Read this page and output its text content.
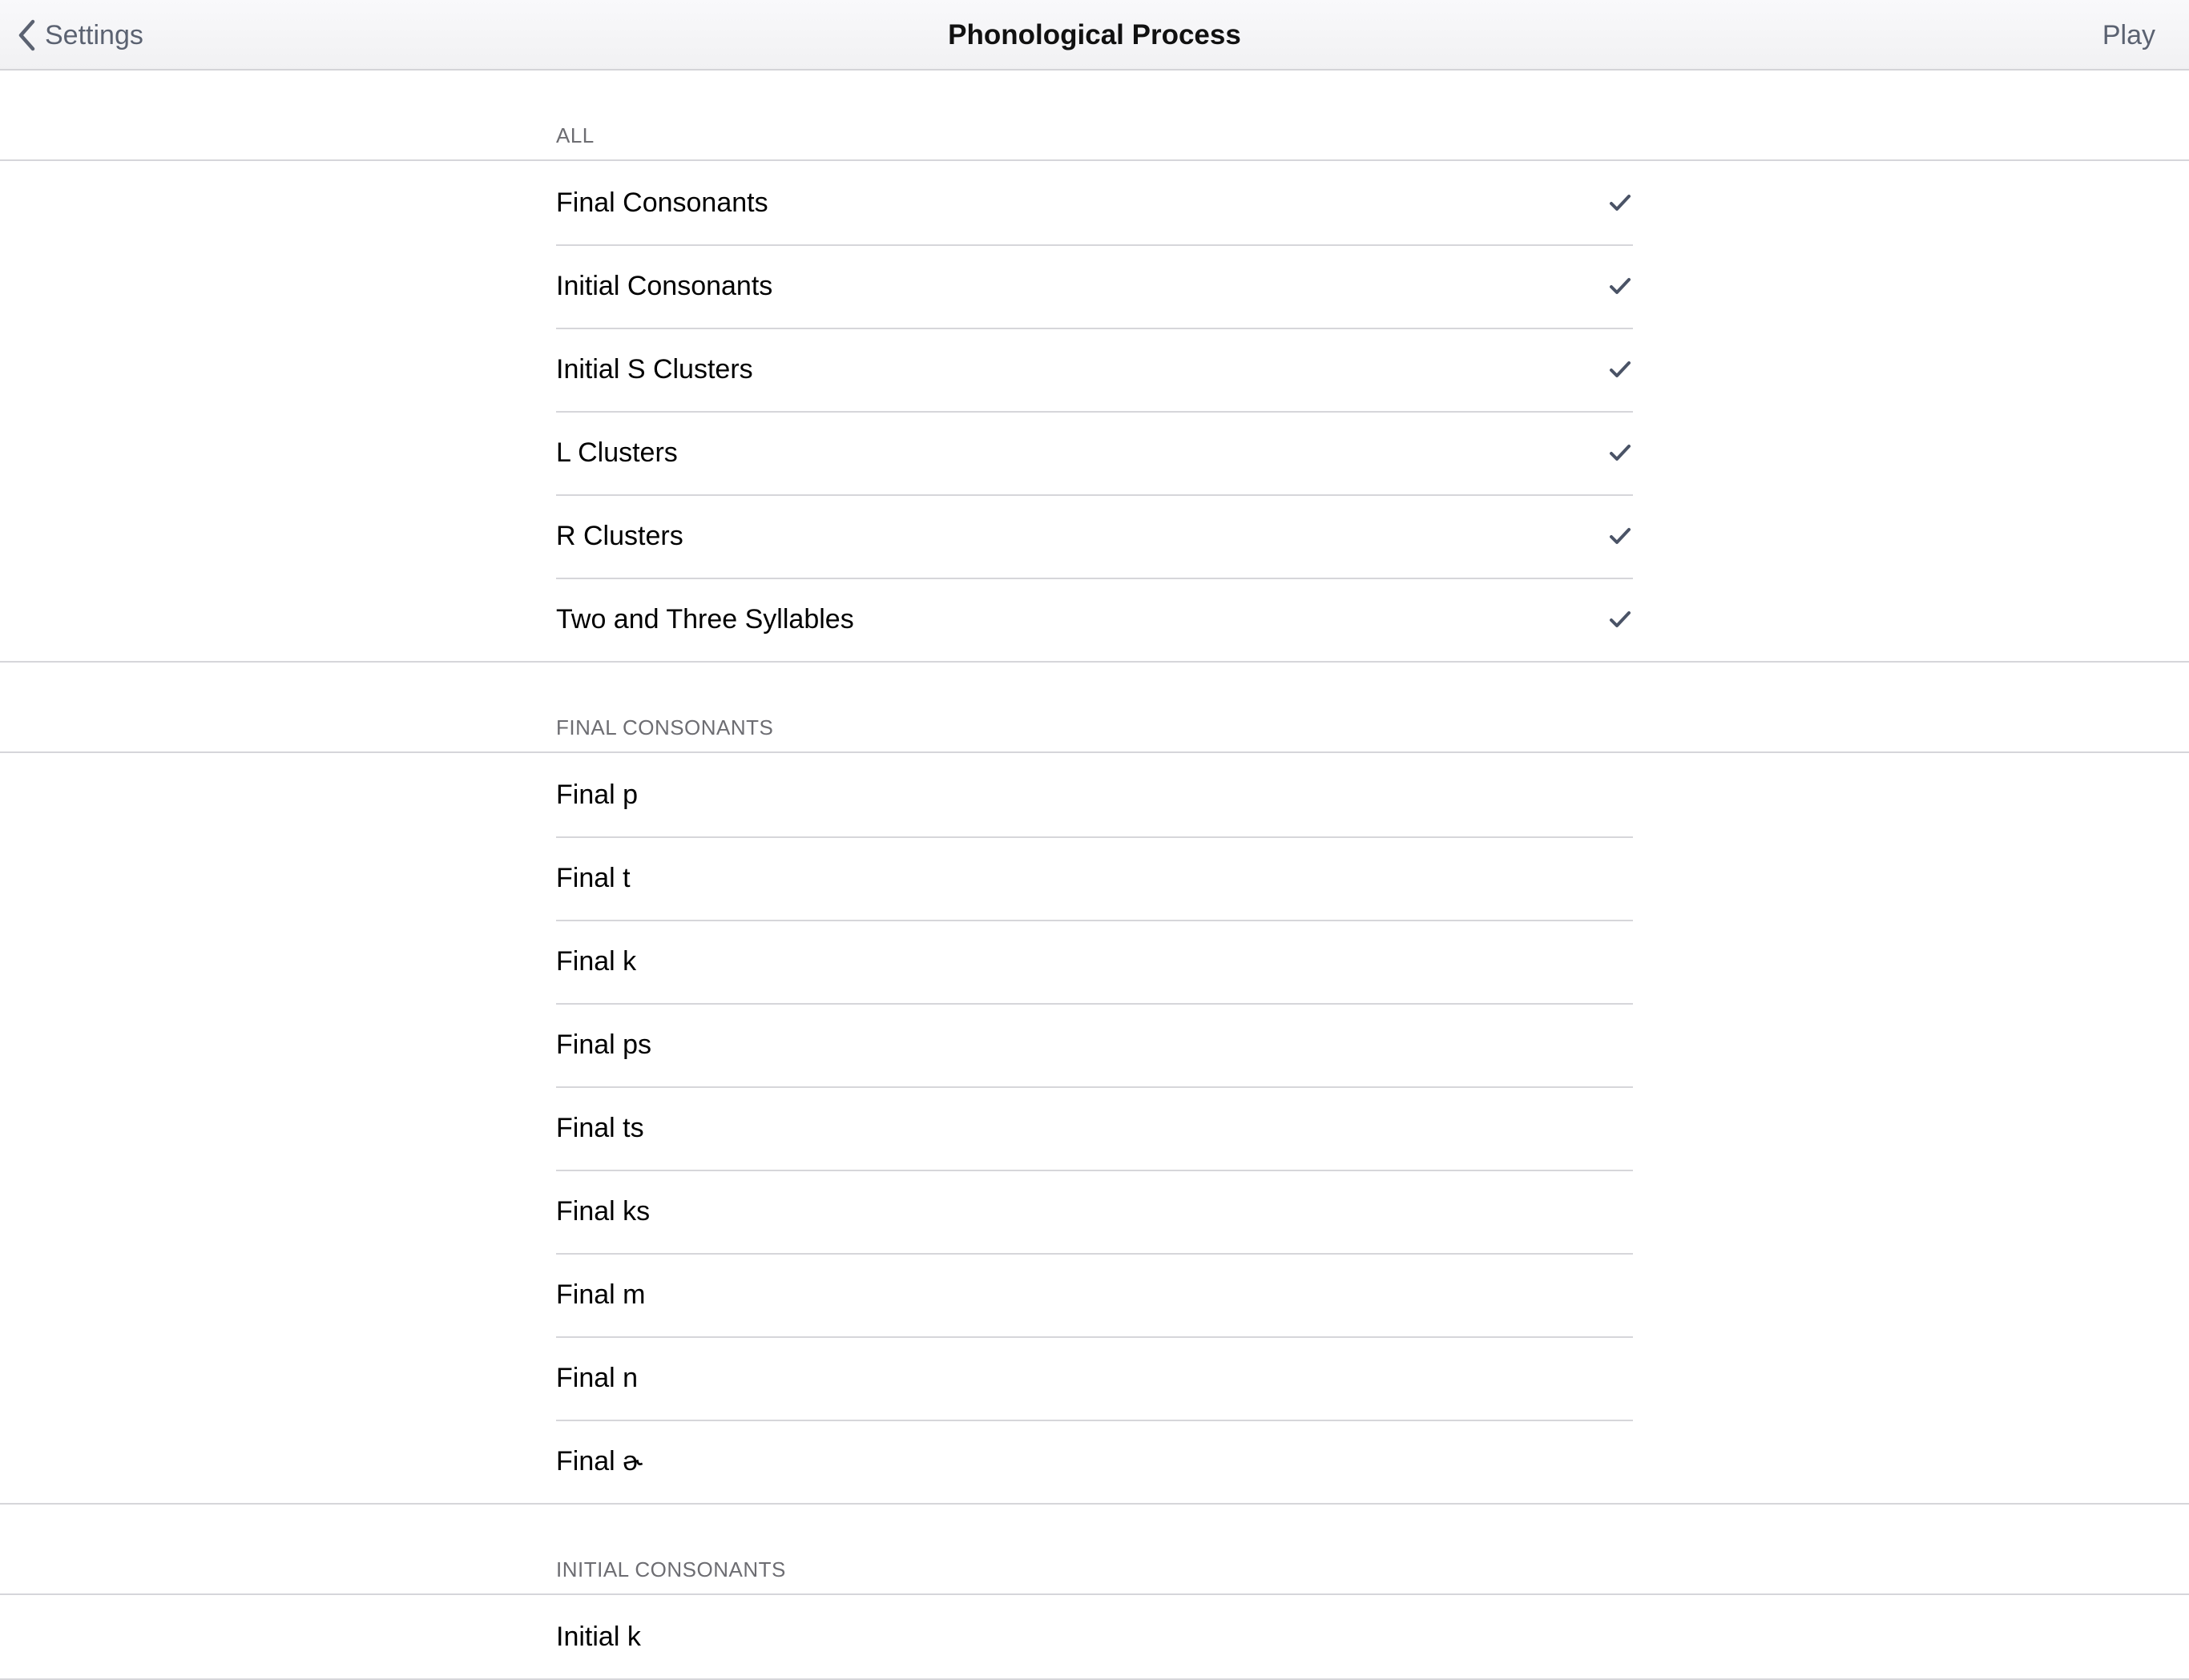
Settings	Phonological Process	Play
ALL
Final Consonants
Initial Consonants
Initial S Clusters
L Clusters
R Clusters
Two and Three Syllables
FINAL CONSONANTS
Final p
Final t
Final k
Final ps
Final ts
Final ks
Final m
Final n
Final ɚ
INITIAL CONSONANTS
Initial k
